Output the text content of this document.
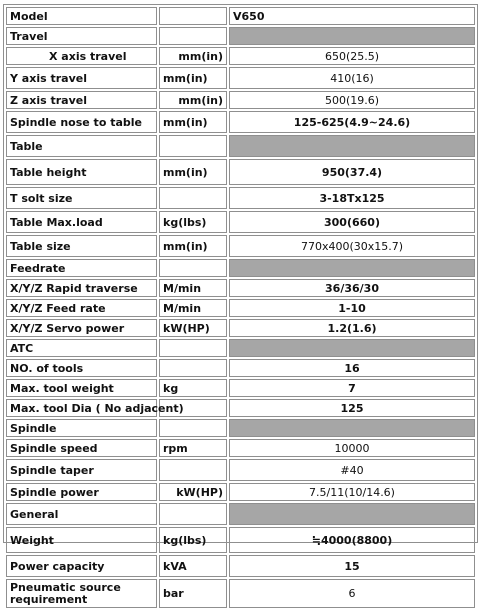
Model		V650
Travel		
X axis travel	mm(in)	650(25.5)
Y axis travel	mm(in)	410(16)
Z axis travel	mm(in)	500(19.6)
Spindle nose to table	mm(in)	125-625(4.9~24.6)
Table		
Table height	mm(in)	950(37.4)
T solt size		3-18Tx125
Table Max.load	kg(lbs)	300(660)
Table size	mm(in)	770x400(30x15.7)
Feedrate		
X/Y/Z Rapid traverse	M/min	36/36/30
X/Y/Z Feed rate	M/min	1-10
X/Y/Z Servo power	kW(HP)	1.2(1.6)
ATC		
NO. of tools		16
Max. tool weight	kg	7
Max. tool Dia ( No adjacent)		125
Spindle		
Spindle speed	rpm	10000
Spindle taper		#40
Spindle power	kW(HP)	7.5/11(10/14.6)
General		
Weight	kg(lbs)	≒4000(8800)
Power capacity	kVA	15
Pneumatic source requirement	bar	6
